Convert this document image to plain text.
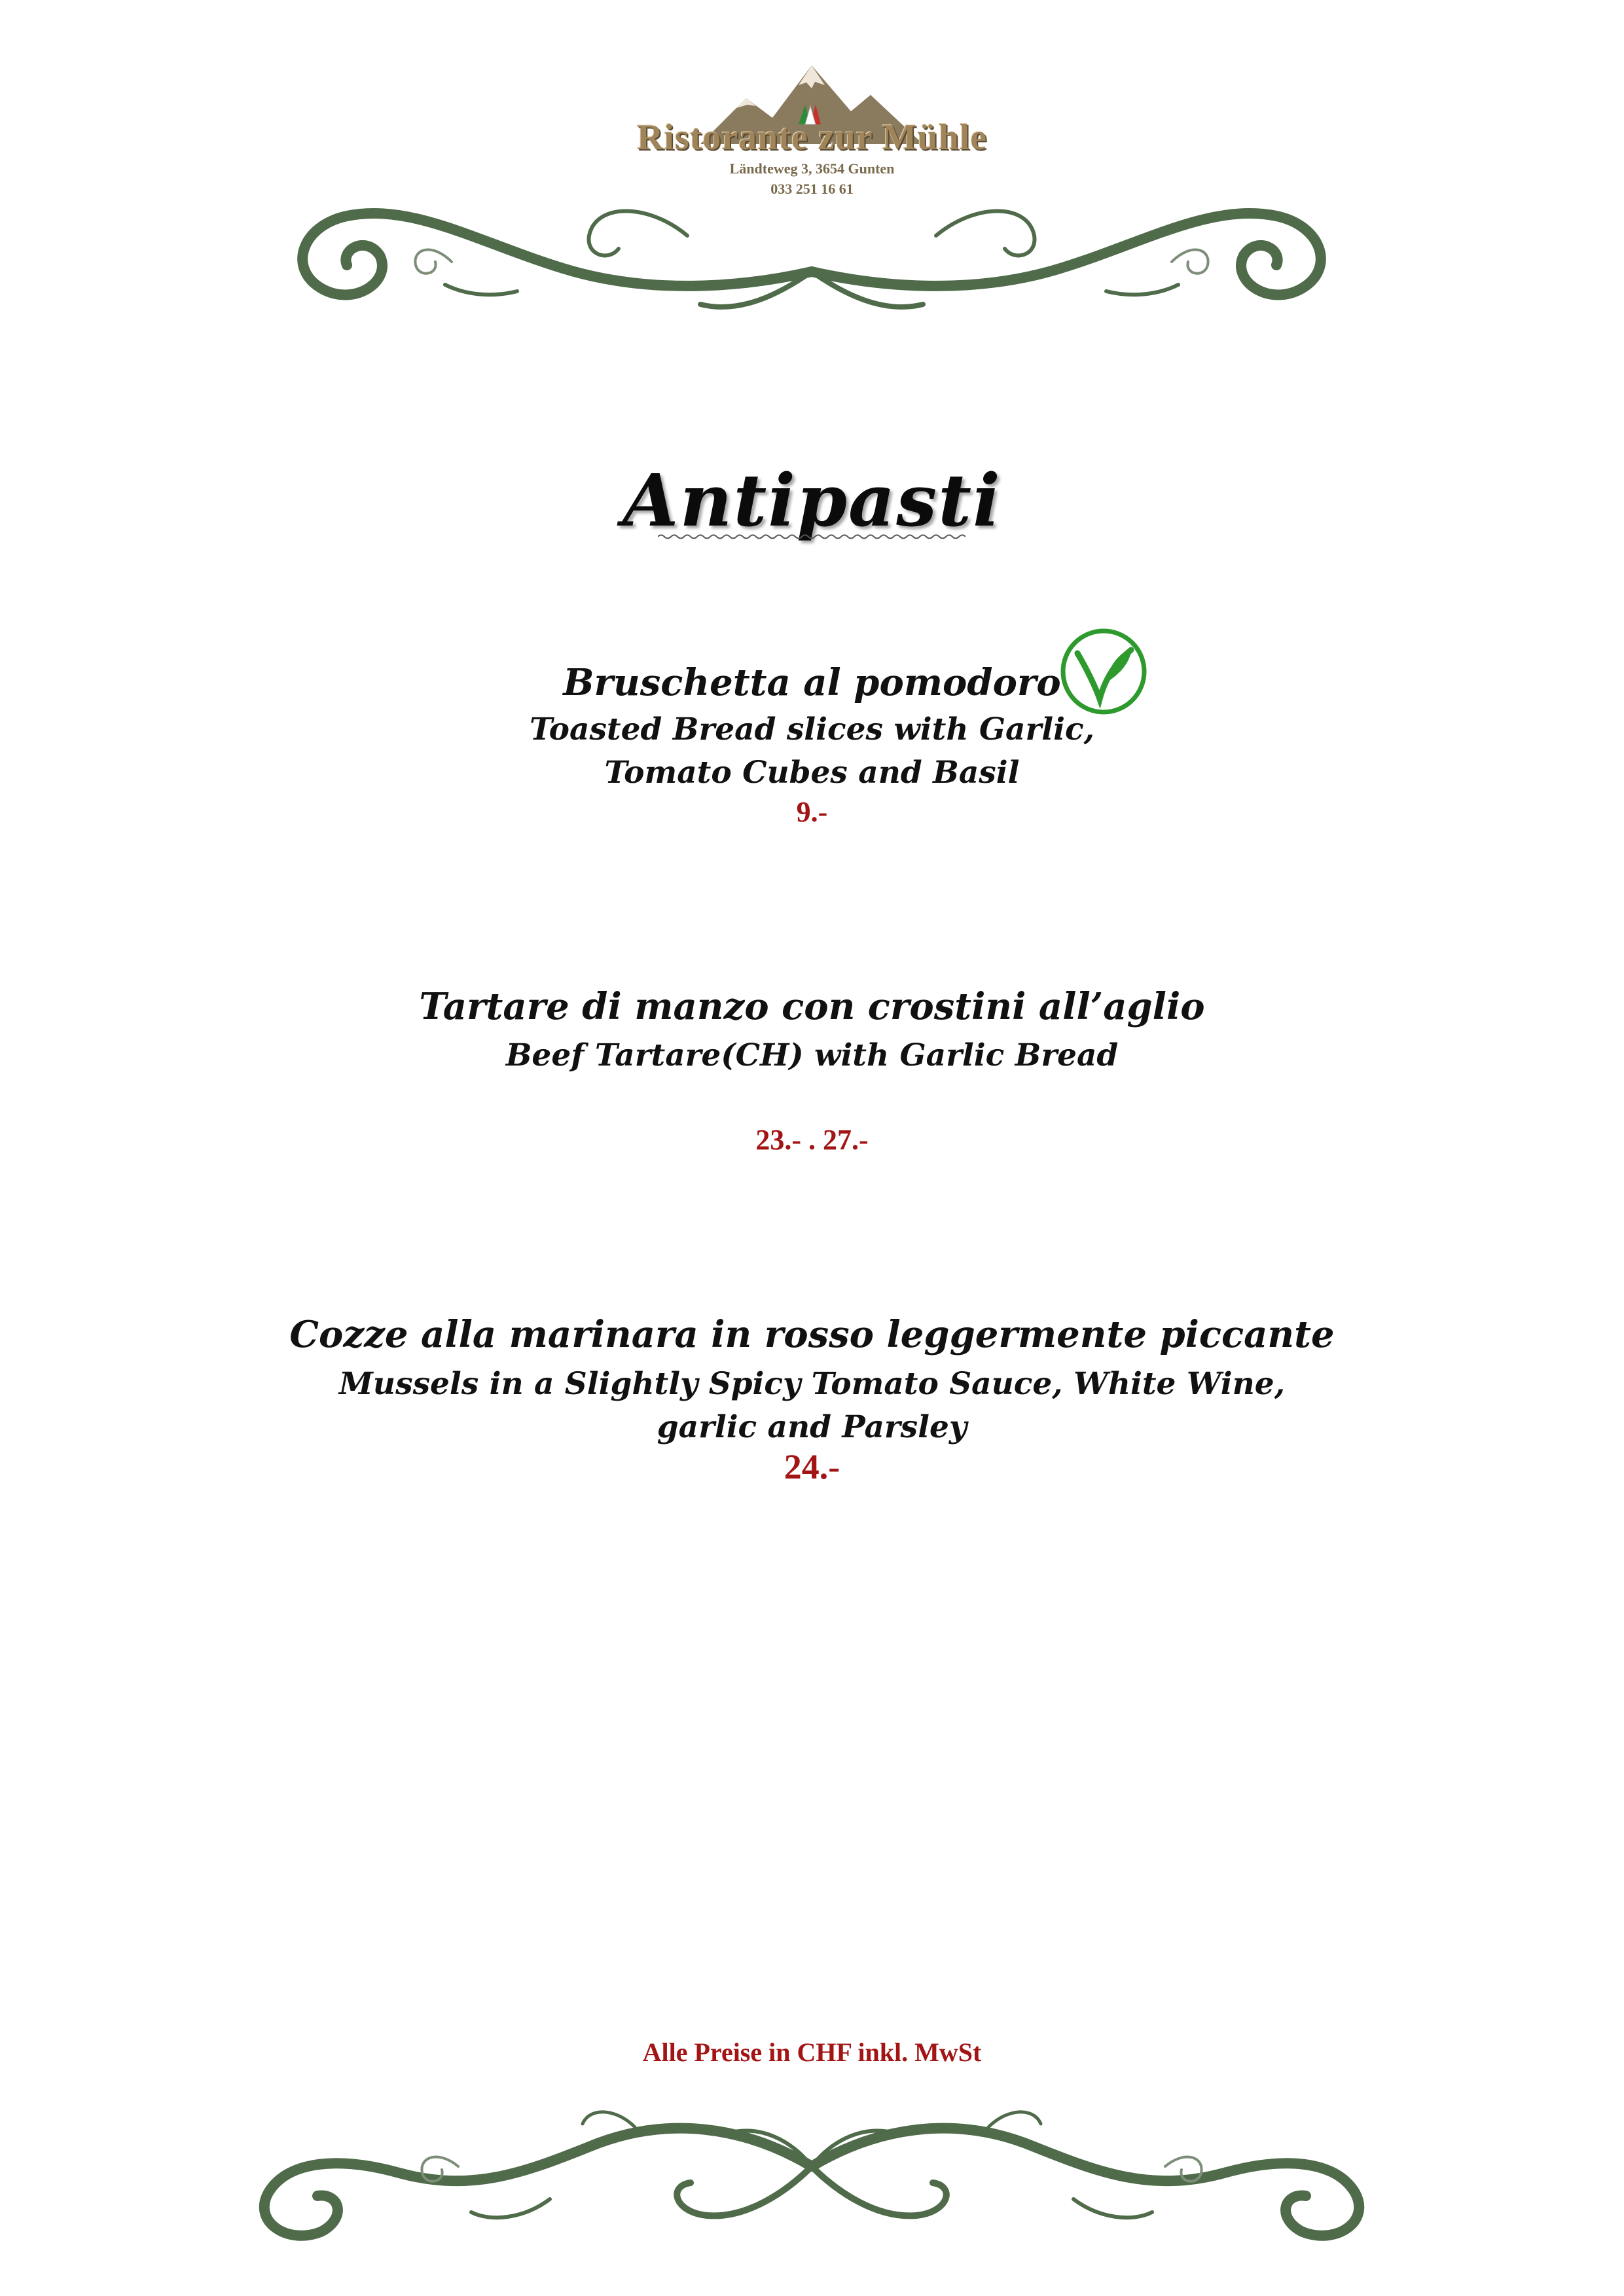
Ristorante zur Mühle
Ländteweg 3, 3654 Gunten
033 251 16 61
Antipasti
Bruschetta al pomodoro
Toasted Bread slices with Garlic,
Tomato Cubes and Basil
9.-
Tartare di manzo con crostini all’aglio
Beef Tartare(CH) with Garlic Bread
23.- . 27.-
Cozze alla marinara in rosso leggermente piccante
Mussels in a Slightly Spicy Tomato Sauce, White Wine,
garlic and Parsley
24.-
Alle Preise in CHF inkl. MwSt
